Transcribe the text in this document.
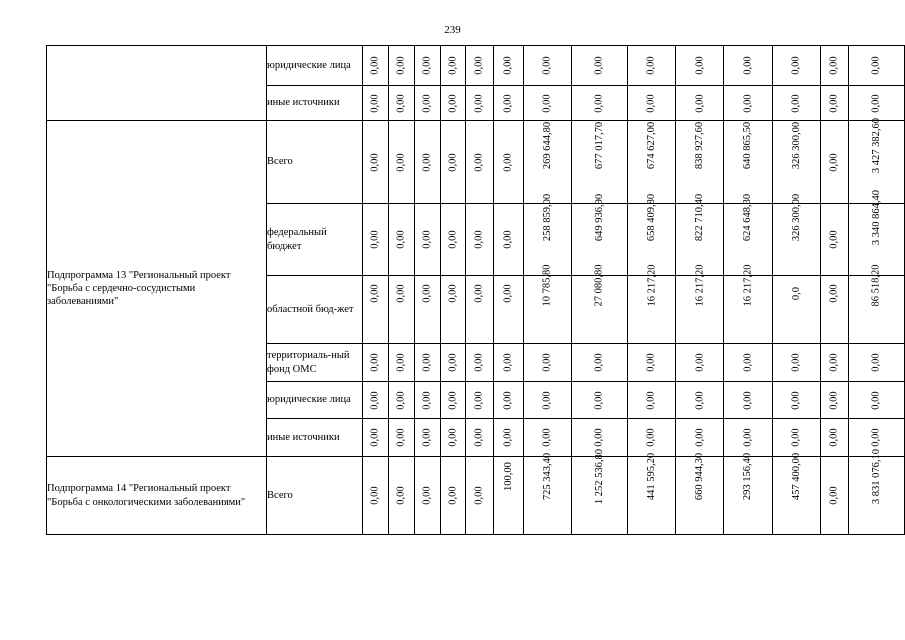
239
	юридические лица	0,00	0,00	0,00	0,00	0,00	0,00	0,00	0,00	0,00	0,00	0,00	0,00	0,00	0,00
	иные источники	0,00	0,00	0,00	0,00	0,00	0,00	0,00	0,00	0,00	0,00	0,00	0,00	0,00	0,00
Подпрограмма 13 "Региональный проект "Борьба с сердечно-сосудистыми заболеваниями"	Всего	0,00	0,00	0,00	0,00	0,00	0,00	269 644,80	677 017,70	674 627,00	838 927,60	640 865,50	326 300,00	0,00	3 427 382,60
	федеральный бюджет	0,00	0,00	0,00	0,00	0,00	0,00	258 859,00	649 936,90	658 409,80	822 710,40	624 648,30	326 300,00	0,00	3 340 864,40
	областной бюд-жет	0,00	0,00	0,00	0,00	0,00	0,00	10 785,80	27 080,80	16 217,20	16 217,20	16 217,20	0,0	0,00	86 518,20
	территориаль-ный фонд ОМС	0,00	0,00	0,00	0,00	0,00	0,00	0,00	0,00	0,00	0,00	0,00	0,00	0,00	0,00
	юридические лица	0,00	0,00	0,00	0,00	0,00	0,00	0,00	0,00	0,00	0,00	0,00	0,00	0,00	0,00
	иные источники	0,00	0,00	0,00	0,00	0,00	0,00	0,00	0,00	0,00	0,00	0,00	0,00	0,00	0,00
Подпрограмма 14 "Региональный проект "Борьба с онкологическими заболеваниями"	Всего	0,00	0,00	0,00	0,00	0,00	100,00	725 343,40	1 252 536,80	441 595,20	660 944,30	293 156,40	457 400,00	0,00	3 831 076,10
